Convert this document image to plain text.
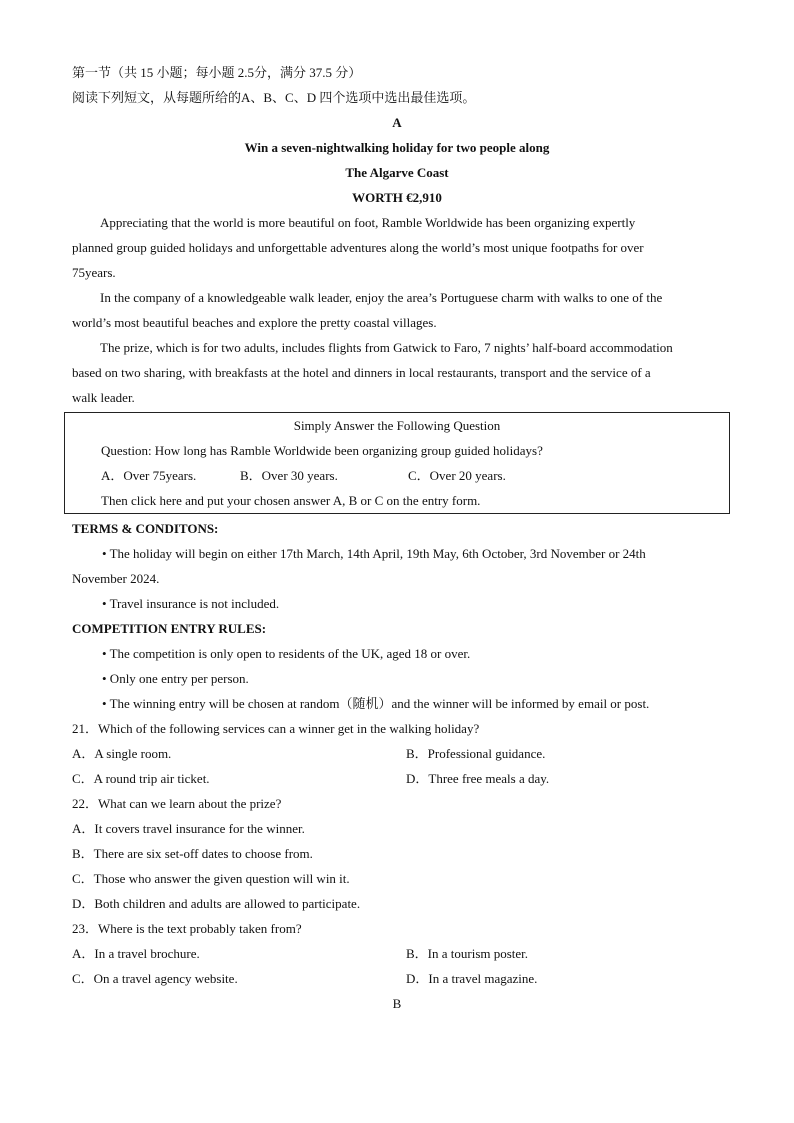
第一节（共 15 小题；每小题 2.5分，满分 37.5 分）
阅读下列短文，从每题所给的A、B、C、D 四个选项中选出最佳选项。
A
Win a seven-nightwalking holiday for two people along
The Algarve Coast
WORTH €2,910
Appreciating that the world is more beautiful on foot, Ramble Worldwide has been organizing expertly
planned group guided holidays and unforgettable adventures along the world’s most unique footpaths for over
75years.
In the company of a knowledgeable walk leader, enjoy the area’s Portuguese charm with walks to one of the
world’s most beautiful beaches and explore the pretty coastal villages.
The prize, which is for two adults, includes flights from Gatwick to Faro, 7 nights’ half-board accommodation
based on two sharing, with breakfasts at the hotel and dinners in local restaurants, transport and the service of a
walk leader.
Simply Answer the Following Question
Question: How long has Ramble Worldwide been organizing group guided holidays?
A．Over 75years.	B．Over 30 years.	C．Over 20 years.
Then click here and put your chosen answer A, B or C on the entry form.
TERMS & CONDITONS:
• The holiday will begin on either 17th March, 14th April, 19th May, 6th October, 3rd November or 24th
November 2024.
• Travel insurance is not included.
COMPETITION ENTRY RULES:
• The competition is only open to residents of the UK, aged 18 or over.
• Only one entry per person.
• The winning entry will be chosen at random（随机）and the winner will be informed by email or post.
21．Which of the following services can a winner get in the walking holiday?
A．A single room.	B．Professional guidance.
C．A round trip air ticket.	D．Three free meals a day.
22．What can we learn about the prize?
A．It covers travel insurance for the winner.
B．There are six set-off dates to choose from.
C．Those who answer the given question will win it.
D．Both children and adults are allowed to participate.
23．Where is the text probably taken from?
A．In a travel brochure.	B．In a tourism poster.
C．On a travel agency website.	D．In a travel magazine.
B
